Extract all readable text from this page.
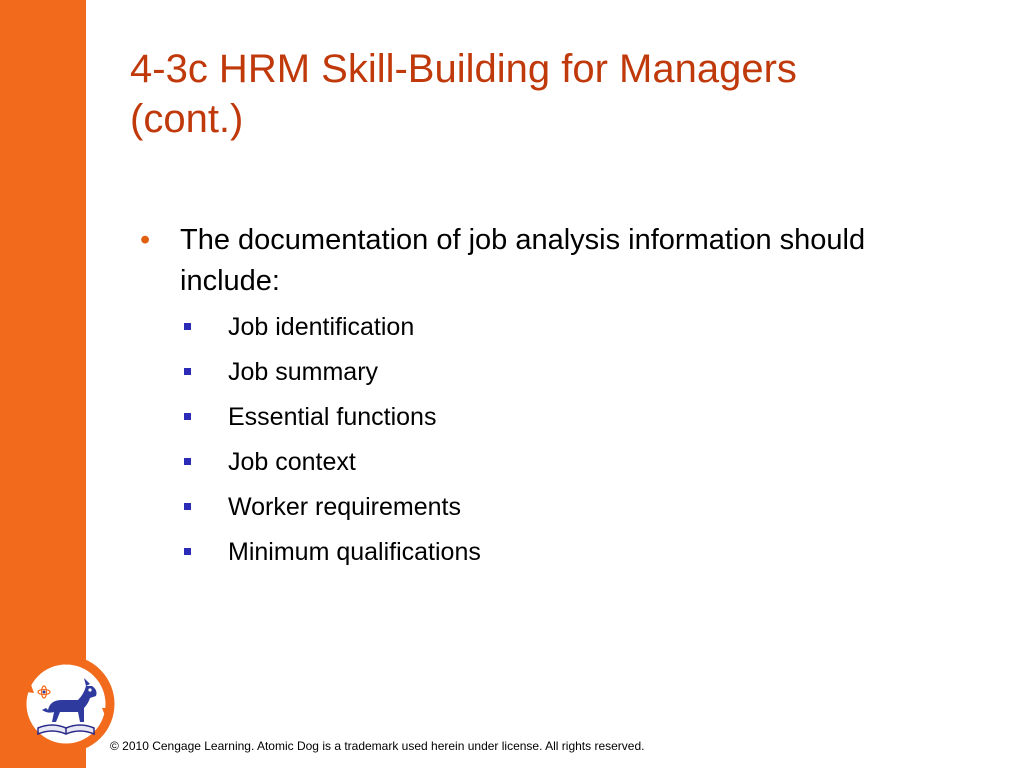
4-3c HRM Skill-Building for Managers
(cont.)
• The documentation of job analysis information should
include:
Job identification
Job summary
Essential functions
Job context
Worker requirements
Minimum qualifications
© 2010 Cengage Learning. Atomic Dog is a trademark used herein under license. All rights reserved.
